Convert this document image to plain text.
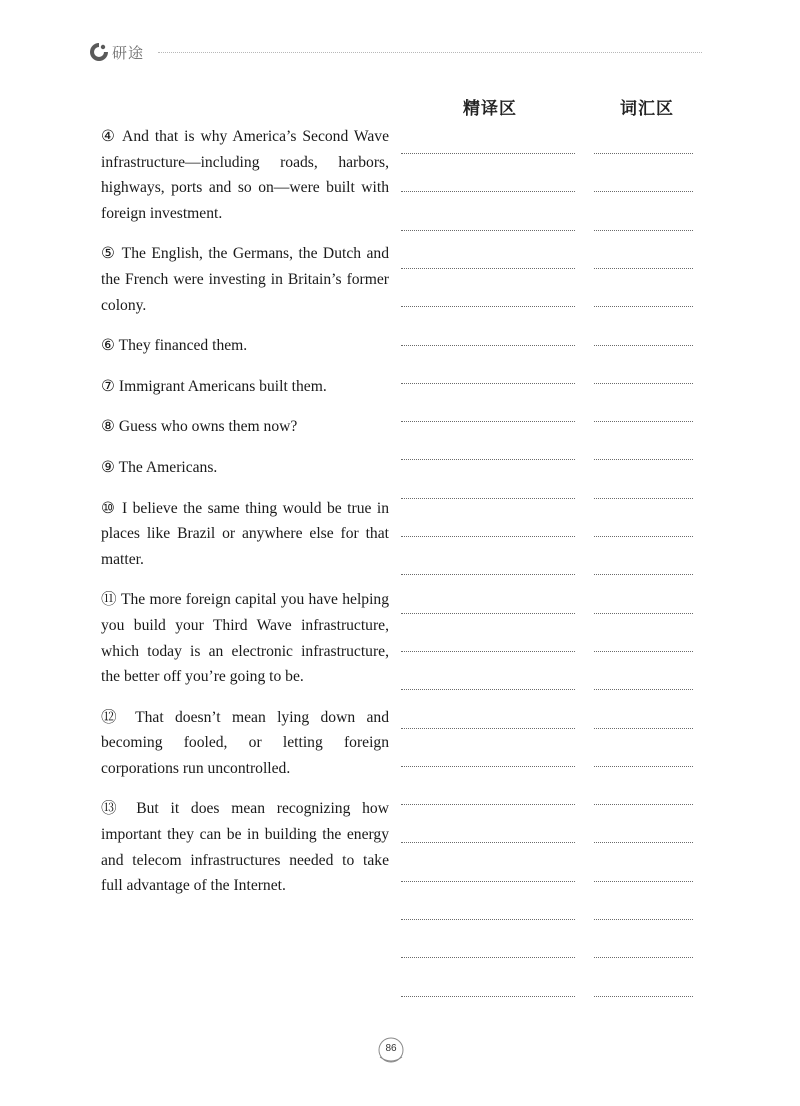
研途
精译区	词汇区

④ And that is why America’s Second Wave infrastructure—including roads, harbors, highways, ports and so on—were built with foreign investment.

⑤ The English, the Germans, the Dutch and the French were investing in Britain’s former colony.

⑥ They financed them.

⑦ Immigrant Americans built them.

⑧ Guess who owns them now?

⑨ The Americans.

⑩ I believe the same thing would be true in places like Brazil or anywhere else for that matter.

⑪ The more foreign capital you have helping you build your Third Wave infrastructure, which today is an electronic infrastructure, the better off you’re going to be.

⑫ That doesn’t mean lying down and becoming fooled, or letting foreign corporations run uncontrolled.

⑬ But it does mean recognizing how important they can be in building the energy and telecom infrastructures needed to take full advantage of the Internet.

86
